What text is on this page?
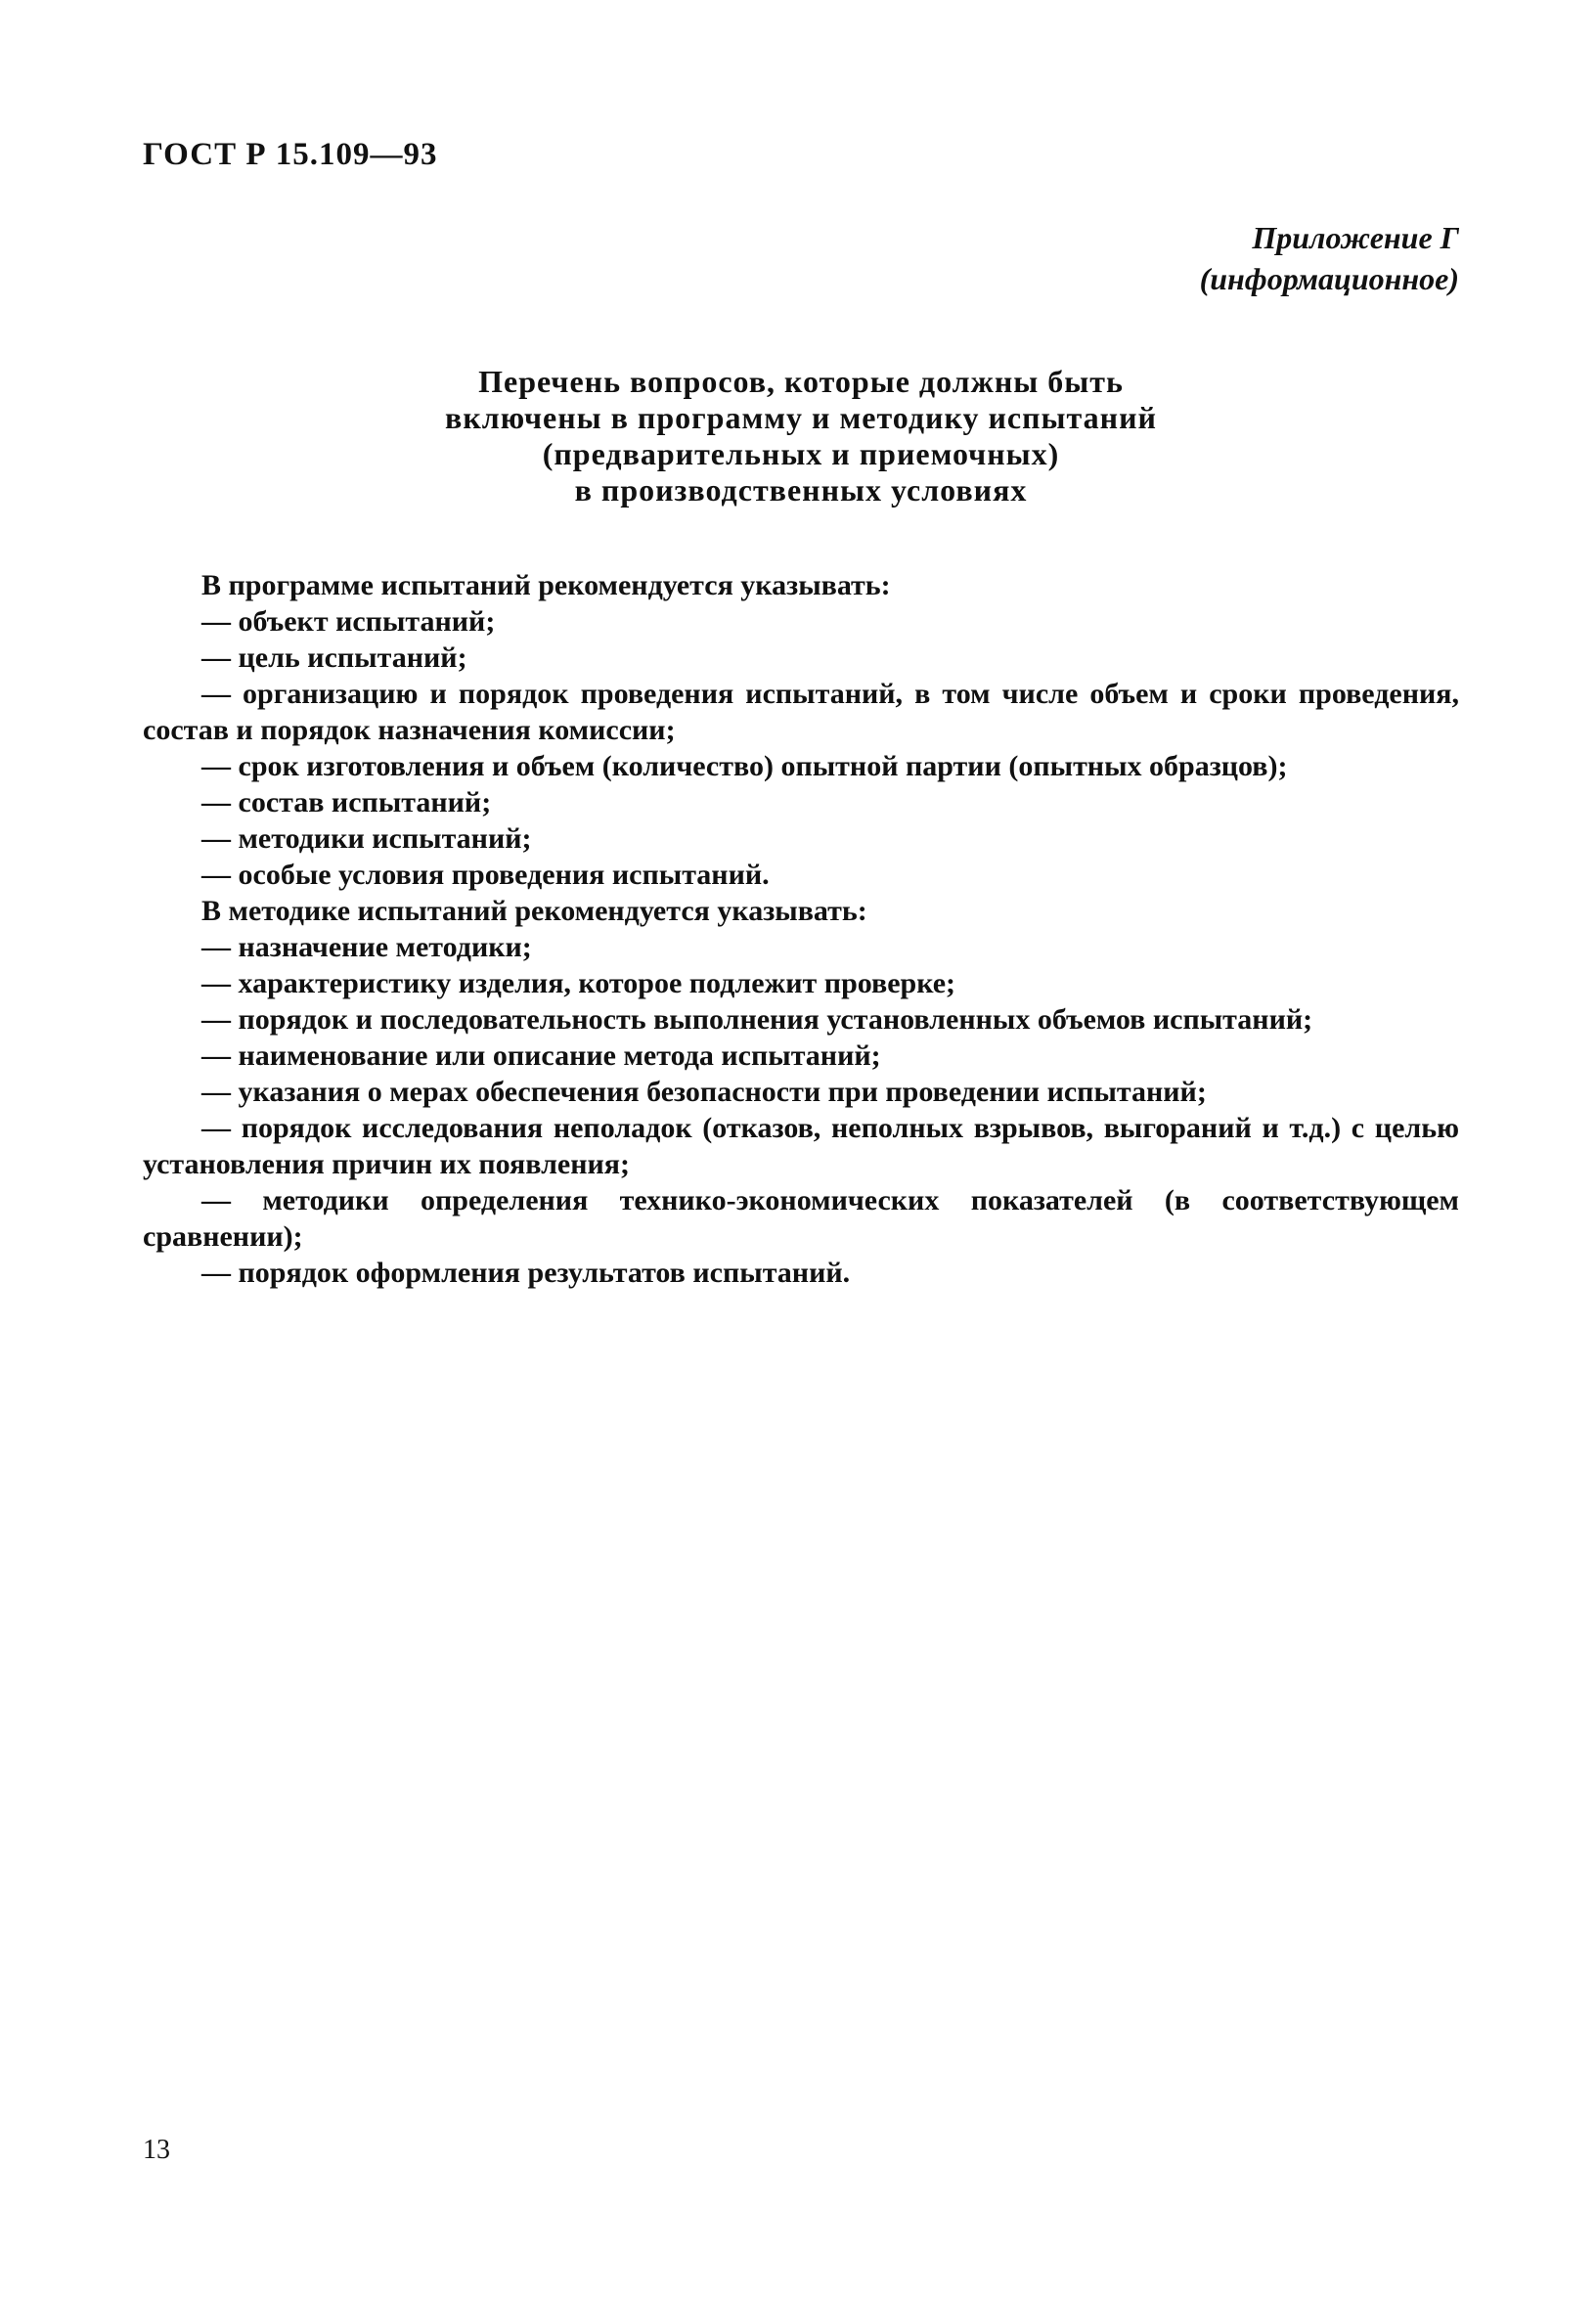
ГОСТ Р 15.109—93
Приложение Г
(информационное)
Перечень вопросов, которые должны быть
включены в программу и методику испытаний
(предварительных и приемочных)
в производственных условиях

В программе испытаний рекомендуется указывать:

— объект испытаний;

— цель испытаний;

— организацию и порядок проведения испытаний, в том числе объем и сроки проведения, состав и порядок назначения комиссии;

— срок изготовления и объем (количество) опытной партии (опытных образцов);

— состав испытаний;

— методики испытаний;

— особые условия проведения испытаний.

В методике испытаний рекомендуется указывать:

— назначение методики;

— характеристику изделия, которое подлежит проверке;

— порядок и последовательность выполнения установленных объемов испытаний;

— наименование или описание метода испытаний;

— указания о мерах обеспечения безопасности при проведении испытаний;

— порядок исследования неполадок (отказов, неполных взрывов, выгораний и т.д.) с целью установления причин их появления;

— методики определения технико-экономических показателей (в соответствующем сравнении);

— порядок оформления результатов испытаний.

13
